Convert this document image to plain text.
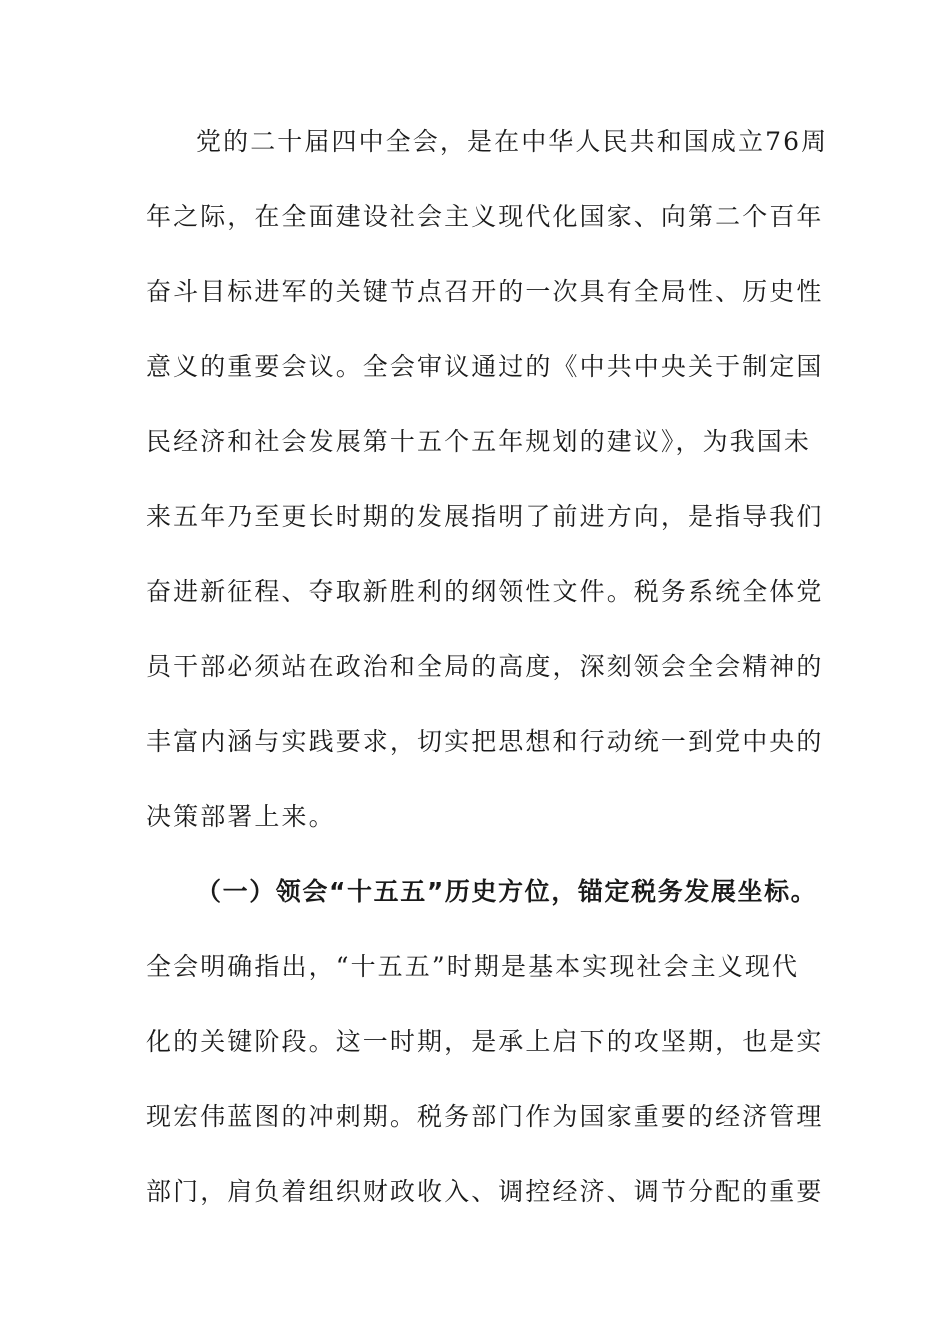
党的二十届四中全会，是在中华人民共和国成立76周
年之际，在全面建设社会主义现代化国家、向第二个百年
奋斗目标进军的关键节点召开的一次具有全局性、历史性
意义的重要会议。全会审议通过的《中共中央关于制定国
民经济和社会发展第十五个五年规划的建议》，为我国未
来五年乃至更长时期的发展指明了前进方向，是指导我们
奋进新征程、夺取新胜利的纲领性文件。税务系统全体党
员干部必须站在政治和全局的高度，深刻领会全会精神的
丰富内涵与实践要求，切实把思想和行动统一到党中央的
决策部署上来。
（一）领会“十五五”历史方位，锚定税务发展坐标。
全会明确指出，“十五五”时期是基本实现社会主义现代
化的关键阶段。这一时期，是承上启下的攻坚期，也是实
现宏伟蓝图的冲刺期。税务部门作为国家重要的经济管理
部门，肩负着组织财政收入、调控经济、调节分配的重要
